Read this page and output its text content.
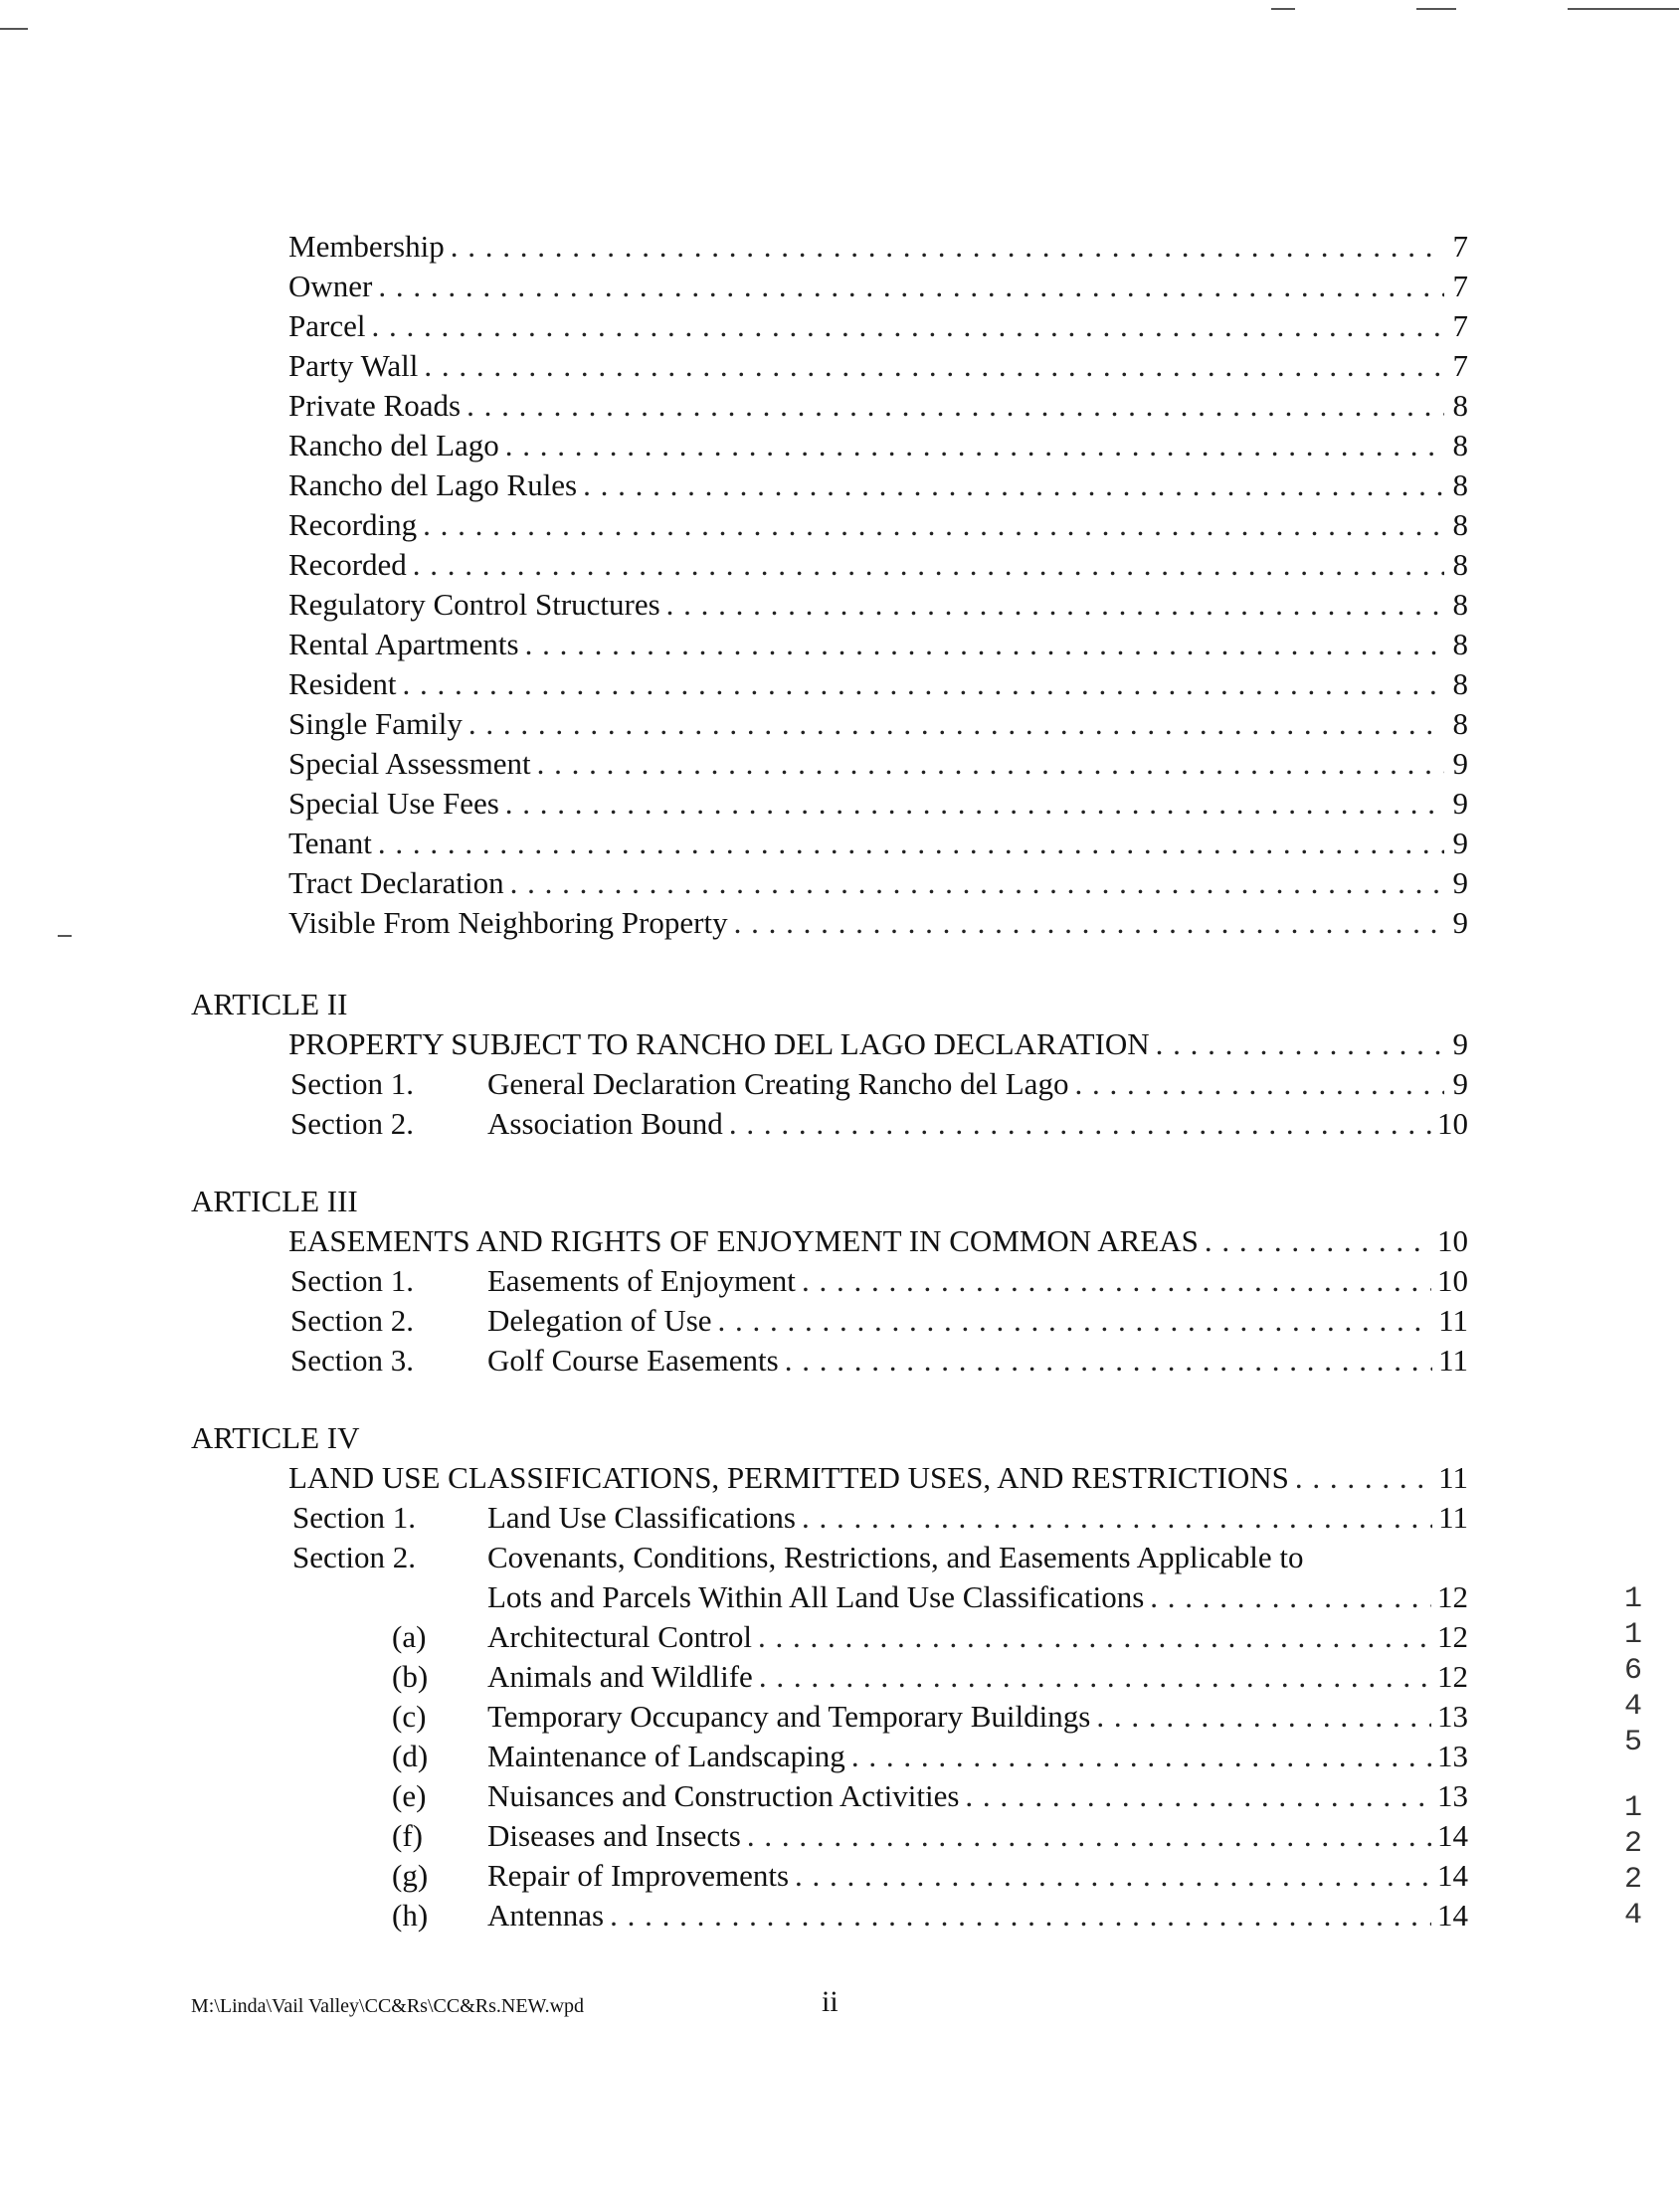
Membership . . .	7
Owner . . .	7
Parcel . . .	7
Party Wall . . .	7
Private Roads . . .	8
Rancho del Lago . . .	8
Rancho del Lago Rules . . .	8
Recording . . .	8
Recorded . . .	8
Regulatory Control Structures . . .	8
Rental Apartments . . .	8
Resident . . .	8
Single Family . . .	8
Special Assessment . . .	9
Special Use Fees . . .	9
Tenant . . .	9
Tract Declaration . . .	9
Visible From Neighboring Property . . .	9
ARTICLE II
PROPERTY SUBJECT TO RANCHO DEL LAGO DECLARATION . . .	9
Section 1. General Declaration Creating Rancho del Lago . . .	9
Section 2. Association Bound . . .	10
ARTICLE III
EASEMENTS AND RIGHTS OF ENJOYMENT IN COMMON AREAS . . .	10
Section 1. Easements of Enjoyment . . .	10
Section 2. Delegation of Use . . .	11
Section 3. Golf Course Easements . . .	11
ARTICLE IV
LAND USE CLASSIFICATIONS, PERMITTED USES, AND RESTRICTIONS . . .	11
Section 1. Land Use Classifications . . .	11
Section 2. Covenants, Conditions, Restrictions, and Easements Applicable to
Lots and Parcels Within All Land Use Classifications . . .	12
(a) Architectural Control . . .	12
(b) Animals and Wildlife . . .	12
(c) Temporary Occupancy and Temporary Buildings . . .	13
(d) Maintenance of Landscaping . . .	13
(e) Nuisances and Construction Activities . . .	13
(f) Diseases and Insects . . .	14
(g) Repair of Improvements . . .	14
(h) Antennas . . .	14
1
1
6
4
5
1
2
2
4
M:\Linda\Vail Valley\CC&Rs\CC&Rs.NEW.wpd	ii
